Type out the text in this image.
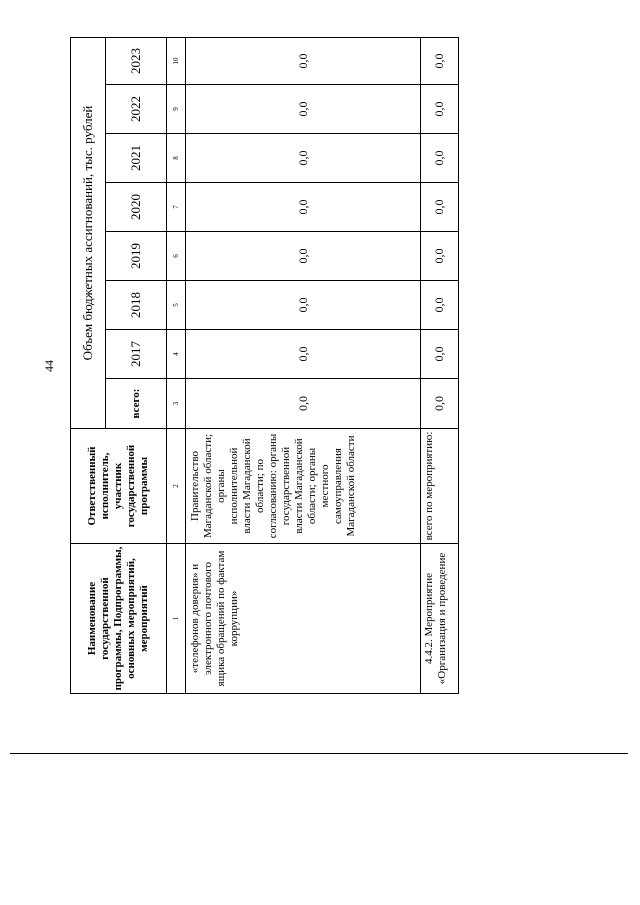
44
Наименование государственной программы, Подпрограммы, основных мероприятий, мероприятий	Ответственный исполнитель, участник государственной программы	Объем бюджетных ассигнований, тыс. рублей							
		всего:	2017	2018	2019	2020	2021	2022	2023
1	2	3	4	5	6	7	8	9	10
«телефонов доверия» и электронного почтового ящика обращений по фактам коррупции»	Правительство Магаданской области; органы исполнительной власти Магаданской области; по согласованию: органы государственной власти Магаданской области; органы местного самоуправления Магаданской области	0,0	0,0	0,0	0,0	0,0	0,0	0,0	0,0
4.4.2. Мероприятие «Организация и проведение	всего по мероприятию:	0,0	0,0	0,0	0,0	0,0	0,0	0,0	0,0
